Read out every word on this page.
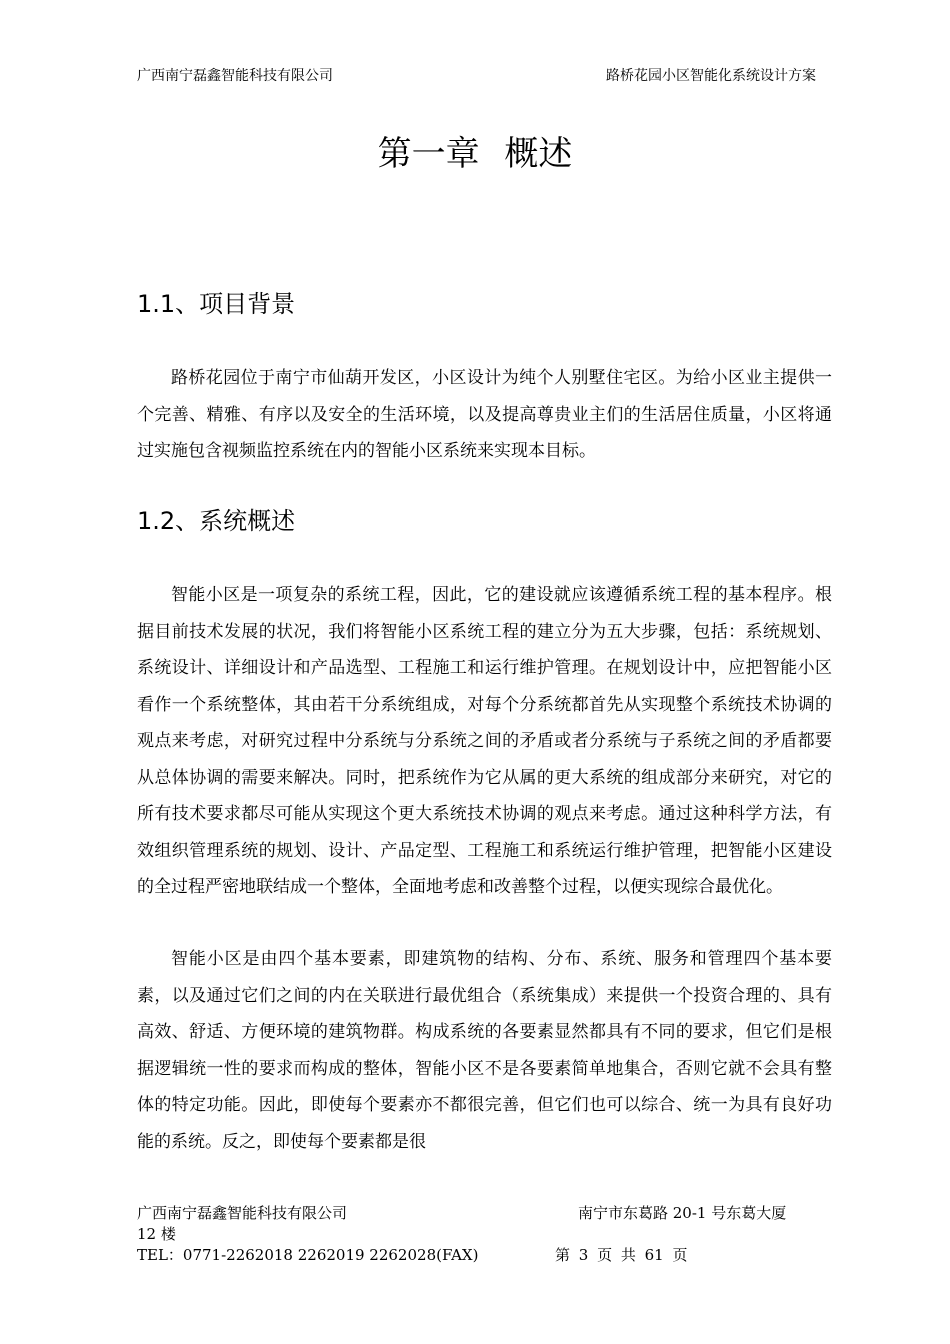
广西南宁磊鑫智能科技有限公司	路桥花园小区智能化系统设计方案
第一章 概述
1.1、项目背景

路桥花园位于南宁市仙葫开发区，小区设计为纯个人别墅住宅区。为给小区业主提供一个完善、精雅、有序以及安全的生活环境，以及提高尊贵业主们的生活居住质量，小区将通过实施包含视频监控系统在内的智能小区系统来实现本目标。

1.2、系统概述

智能小区是一项复杂的系统工程，因此，它的建设就应该遵循系统工程的基本程序。根据目前技术发展的状况，我们将智能小区系统工程的建立分为五大步骤，包括：系统规划、系统设计、详细设计和产品选型、工程施工和运行维护管理。在规划设计中，应把智能小区看作一个系统整体，其由若干分系统组成，对每个分系统都首先从实现整个系统技术协调的观点来考虑，对研究过程中分系统与分系统之间的矛盾或者分系统与子系统之间的矛盾都要从总体协调的需要来解决。同时，把系统作为它从属的更大系统的组成部分来研究，对它的所有技术要求都尽可能从实现这个更大系统技术协调的观点来考虑。通过这种科学方法，有效组织管理系统的规划、设计、产品定型、工程施工和系统运行维护管理，把智能小区建设的全过程严密地联结成一个整体，全面地考虑和改善整个过程，以便实现综合最优化。

智能小区是由四个基本要素，即建筑物的结构、分布、系统、服务和管理四个基本要素，以及通过它们之间的内在关联进行最优组合（系统集成）来提供一个投资合理的、具有高效、舒适、方便环境的建筑物群。构成系统的各要素显然都具有不同的要求，但它们是根据逻辑统一性的要求而构成的整体，智能小区不是各要素简单地集合，否则它就不会具有整体的特定功能。因此，即使每个要素亦不都很完善，但它们也可以综合、统一为具有良好功能的系统。反之，即使每个要素都是很

广西南宁磊鑫智能科技有限公司	南宁市东葛路 20-1 号东葛大厦
12 楼
TEL：0771-2262018 2262019 2262028(FAX)	第 3 页 共 61 页
